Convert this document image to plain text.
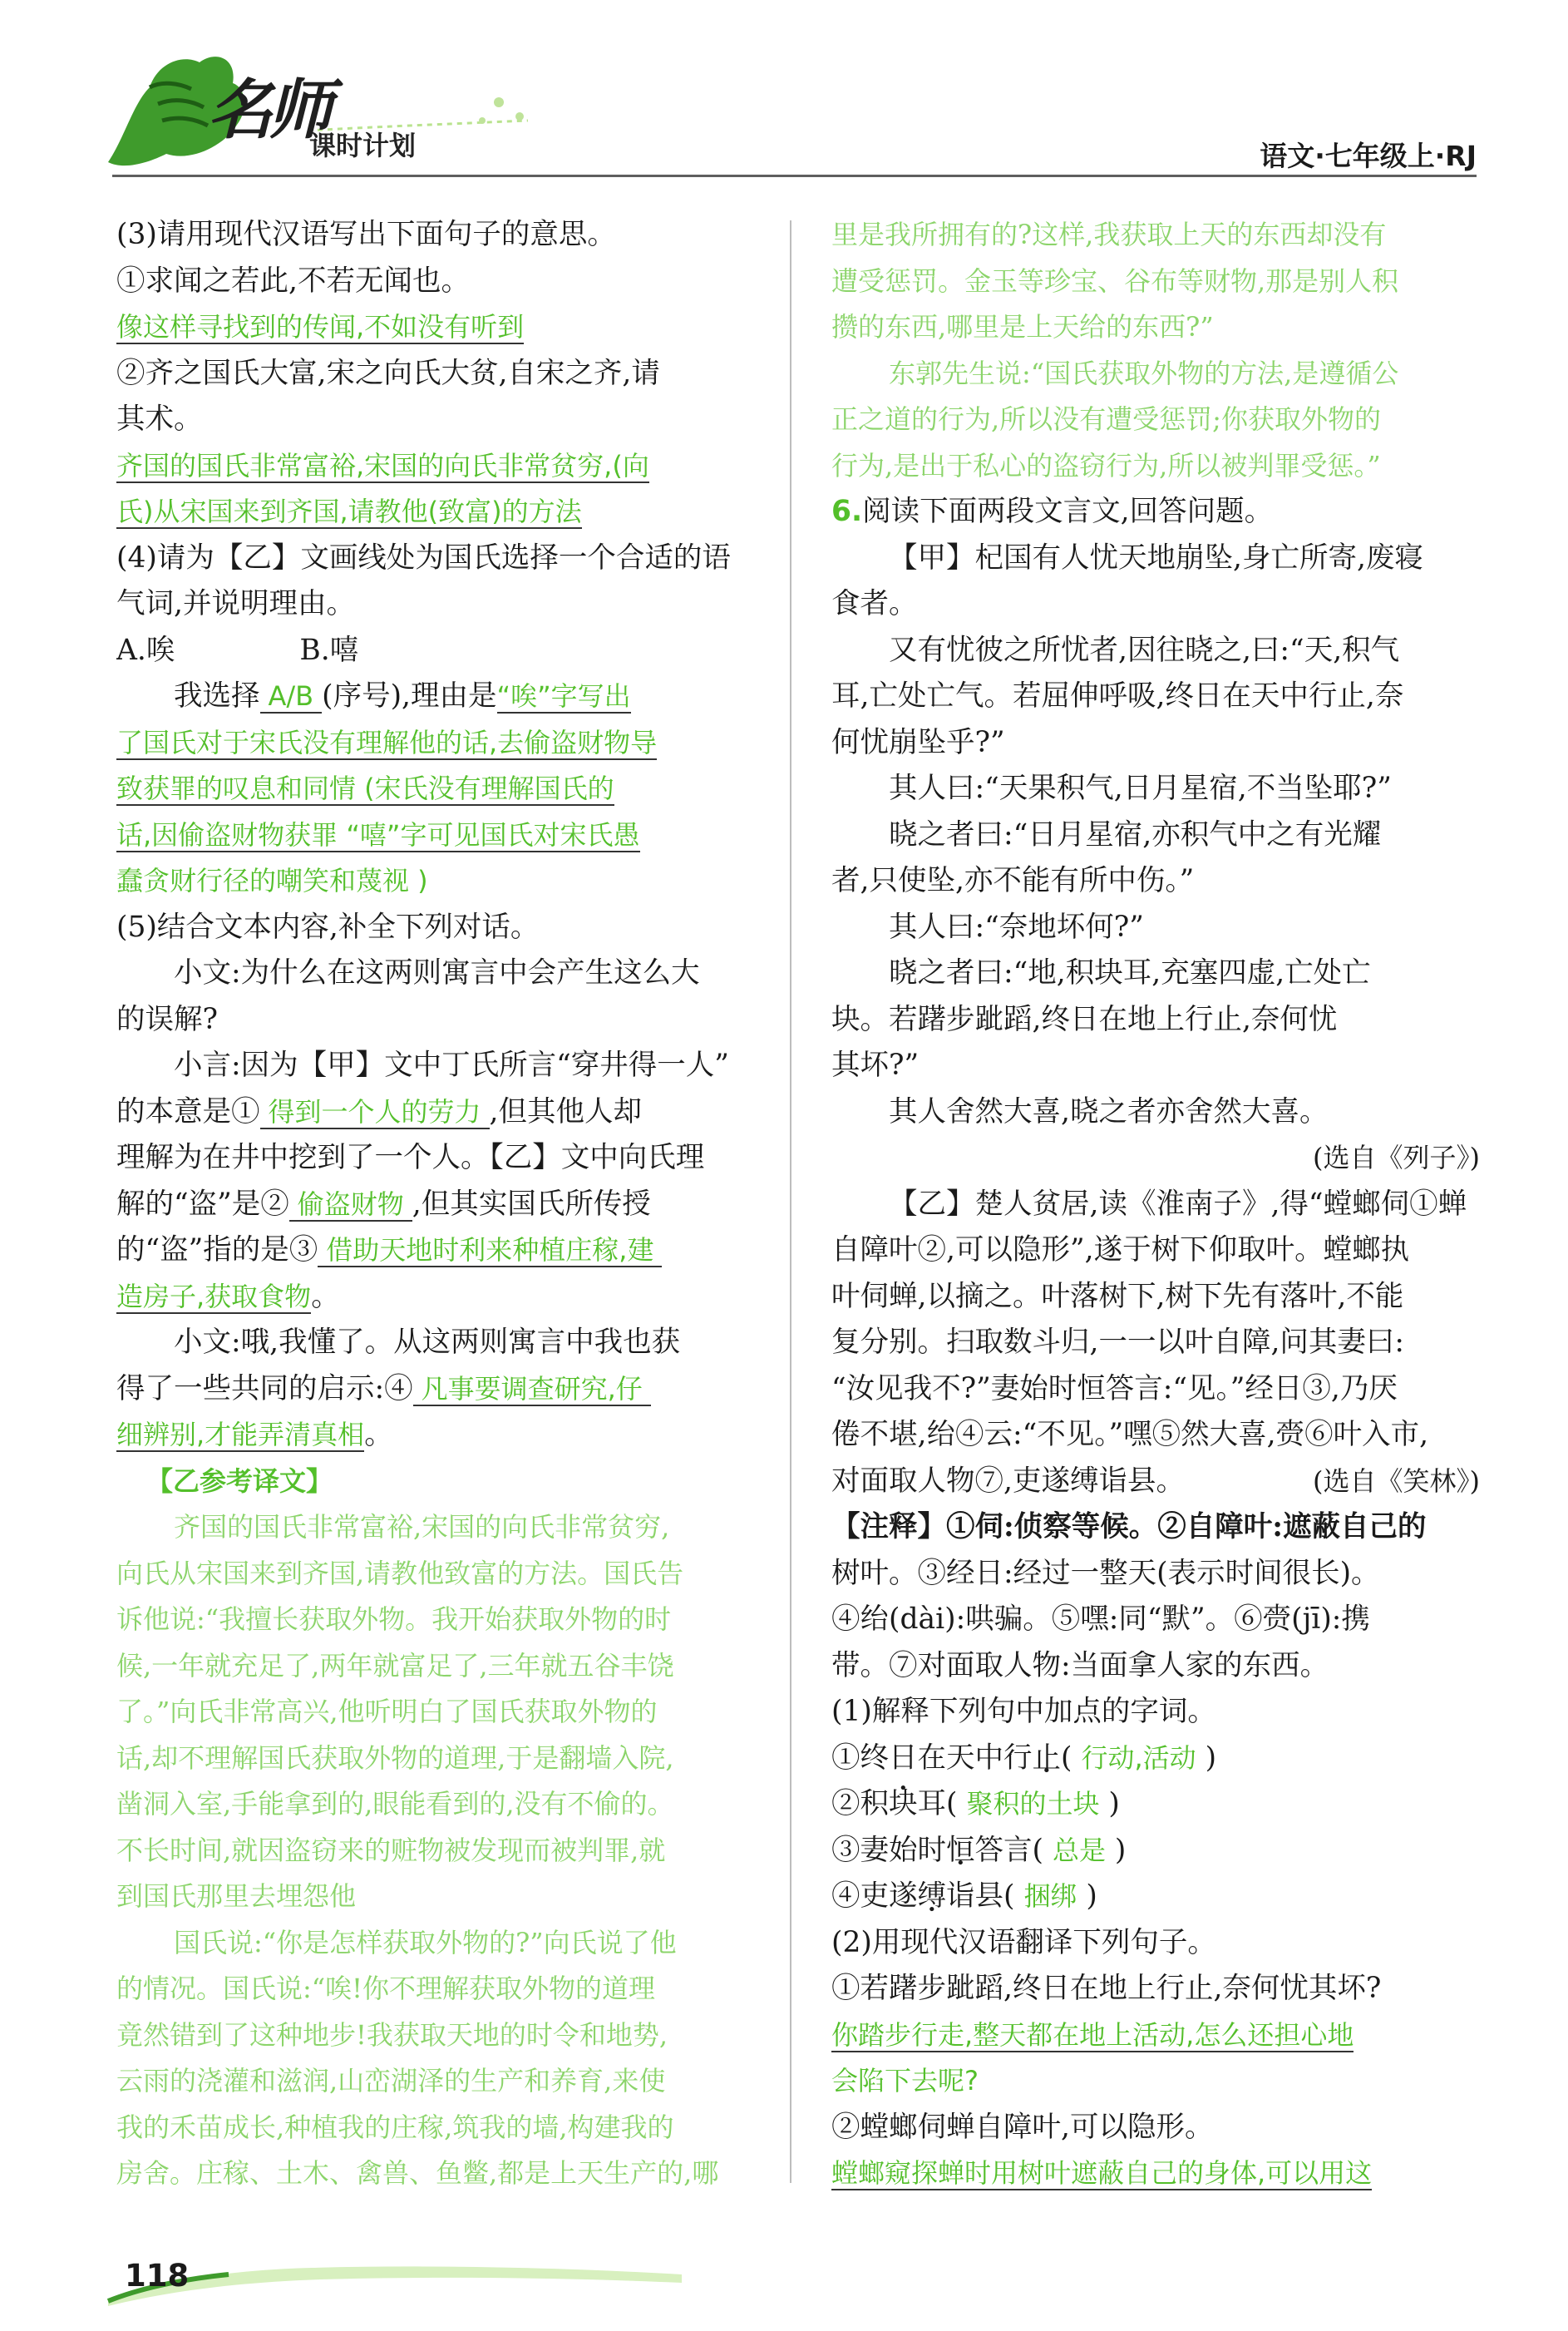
名师
课时计划	语文·七年级上·RJ
(3)请用现代汉语写出下面句子的意思。
①求闻之若此,不若无闻也。
像这样寻找到的传闻,不如没有听到
②齐之国氏大富,宋之向氏大贫,自宋之齐,请
其术。
齐国的国氏非常富裕,宋国的向氏非常贫穷,(向
氏)从宋国来到齐国,请教他(致富)的方法
(4)请为【乙】文画线处为国氏选择一个合适的语
气词,并说明理由。
A.唉	B.嘻
我选择 A/B (序号),理由是“唉”字写出
了国氏对于宋氏没有理解他的话,去偷盗财物导
致获罪的叹息和同情 (宋氏没有理解国氏的
话,因偷盗财物获罪 “嘻”字可见国氏对宋氏愚
蠢贪财行径的嘲笑和蔑视 )
(5)结合文本内容,补全下列对话。
小文:为什么在这两则寓言中会产生这么大
的误解?
小言:因为【甲】文中丁氏所言“穿井得一人”
的本意是① 得到一个人的劳力 ,但其他人却
理解为在井中挖到了一个人。【乙】文中向氏理
解的“盗”是② 偷盗财物 ,但其实国氏所传授
的“盗”指的是③ 借助天地时利来种植庄稼,建
造房子,获取食物。
小文:哦,我懂了。从这两则寓言中我也获
得了一些共同的启示:④ 凡事要调查研究,仔
细辨别,才能弄清真相。
【乙参考译文】
齐国的国氏非常富裕,宋国的向氏非常贫穷,
向氏从宋国来到齐国,请教他致富的方法。国氏告
诉他说:“我擅长获取外物。我开始获取外物的时
候,一年就充足了,两年就富足了,三年就五谷丰饶
了。”向氏非常高兴,他听明白了国氏获取外物的
话,却不理解国氏获取外物的道理,于是翻墙入院,
凿洞入室,手能拿到的,眼能看到的,没有不偷的。
不长时间,就因盗窃来的赃物被发现而被判罪,就
到国氏那里去埋怨他
国氏说:“你是怎样获取外物的?”向氏说了他
的情况。国氏说:“唉!你不理解获取外物的道理
竟然错到了这种地步!我获取天地的时令和地势,
云雨的浇灌和滋润,山峦湖泽的生产和养育,来使
我的禾苗成长,种植我的庄稼,筑我的墙,构建我的
房舍。庄稼、土木、禽兽、鱼鳖,都是上天生产的,哪
里是我所拥有的?这样,我获取上天的东西却没有
遭受惩罚。金玉等珍宝、谷布等财物,那是别人积
攒的东西,哪里是上天给的东西?”
东郭先生说:“国氏获取外物的方法,是遵循公
正之道的行为,所以没有遭受惩罚;你获取外物的
行为,是出于私心的盗窃行为,所以被判罪受惩。”
6.阅读下面两段文言文,回答问题。
【甲】杞国有人忧天地崩坠,身亡所寄,废寝
食者。
又有忧彼之所忧者,因往晓之,曰:“天,积气
耳,亡处亡气。若屈伸呼吸,终日在天中行止,奈
何忧崩坠乎?”
其人曰:“天果积气,日月星宿,不当坠耶?”
晓之者曰:“日月星宿,亦积气中之有光耀
者,只使坠,亦不能有所中伤。”
其人曰:“奈地坏何?”
晓之者曰:“地,积块耳,充塞四虚,亡处亡
块。若躇步跐蹈,终日在地上行止,奈何忧
其坏?”
其人舍然大喜,晓之者亦舍然大喜。
(选自《列子》)
【乙】楚人贫居,读《淮南子》,得“螳螂伺①蝉
自障叶②,可以隐形”,遂于树下仰取叶。螳螂执
叶伺蝉,以摘之。叶落树下,树下先有落叶,不能
复分别。扫取数斗归,一一以叶自障,问其妻曰:
“汝见我不?”妻始时恒答言:“见。”经日③,乃厌
倦不堪,绐④云:“不见。”嘿⑤然大喜,赍⑥叶入市,
对面取人物⑦,吏遂缚诣县。	(选自《笑林》)
【注释】①伺:侦察等候。②自障叶:遮蔽自己的
树叶。③经日:经过一整天(表示时间很长)。
④绐(dài):哄骗。⑤嘿:同“默”。⑥赍(jī):携
带。⑦对面取人物:当面拿人家的东西。
(1)解释下列句中加点的字词。
①终日在天中行止( 行动,活动 )
②积块耳( 聚积的土块 )
③妻始时恒答言( 总是 )
④吏遂缚诣县( 捆绑 )
(2)用现代汉语翻译下列句子。
①若躇步跐蹈,终日在地上行止,奈何忧其坏?
你踏步行走,整天都在地上活动,怎么还担心地
会陷下去呢?
②螳螂伺蝉自障叶,可以隐形。
螳螂窥探蝉时用树叶遮蔽自己的身体,可以用这
118
